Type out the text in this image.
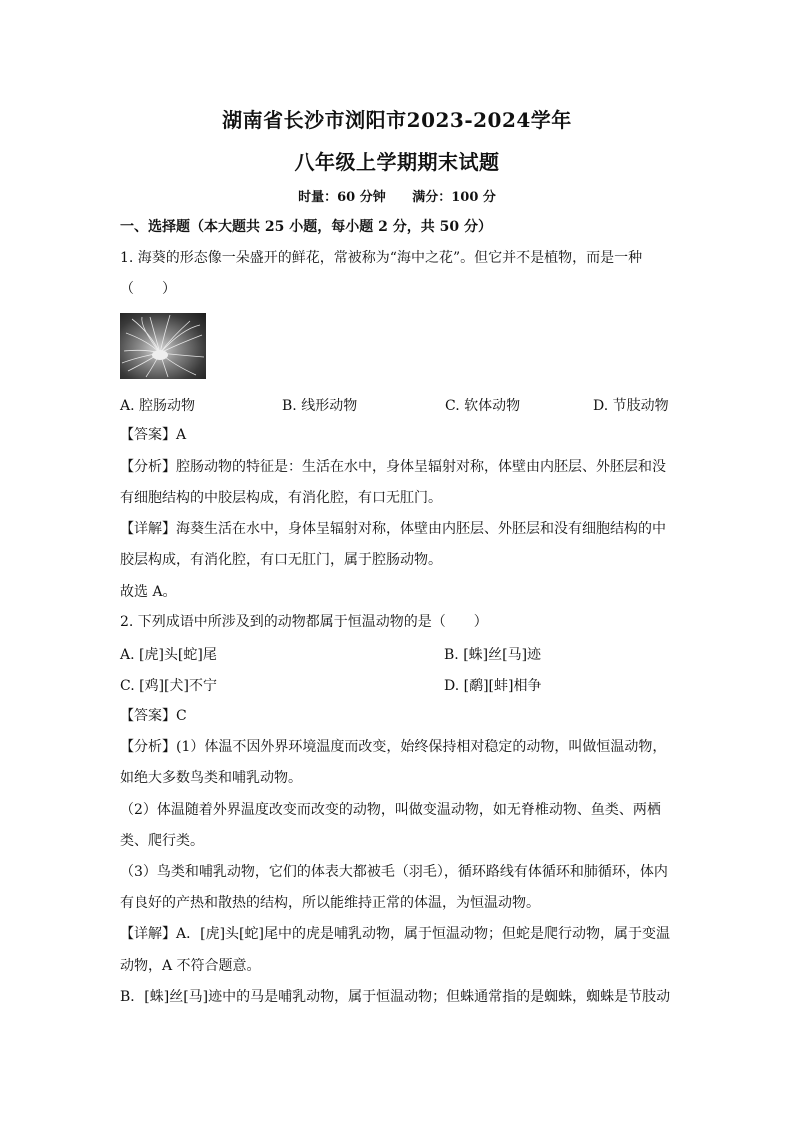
湖南省长沙市浏阳市2023-2024学年
八年级上学期期末试题
时量：60 分钟 满分：100 分
一、选择题（本大题共 25 小题，每小题 2 分，共 50 分）
1. 海葵的形态像一朵盛开的鲜花，常被称为“海中之花”。但它并不是植物，而是一种
（　　）
A. 腔肠动物	B. 线形动物	C. 软体动物	D. 节肢动物
【答案】A
【分析】腔肠动物的特征是：生活在水中，身体呈辐射对称，体壁由内胚层、外胚层和没
有细胞结构的中胶层构成，有消化腔，有口无肛门。
【详解】海葵生活在水中，身体呈辐射对称，体壁由内胚层、外胚层和没有细胞结构的中
胶层构成，有消化腔，有口无肛门，属于腔肠动物。
故选 A。
2. 下列成语中所涉及到的动物都属于恒温动物的是（　　）
A. [虎]头[蛇]尾	B. [蛛]丝[马]迹
C. [鸡][犬]不宁	D. [鹬][蚌]相争
【答案】C
【分析】(1）体温不因外界环境温度而改变，始终保持相对稳定的动物，叫做恒温动物，
如绝大多数鸟类和哺乳动物。
（2）体温随着外界温度改变而改变的动物，叫做变温动物，如无脊椎动物、鱼类、两栖
类、爬行类。
（3）鸟类和哺乳动物，它们的体表大都被毛（羽毛），循环路线有体循环和肺循环，体内
有良好的产热和散热的结构，所以能维持正常的体温，为恒温动物。
【详解】A．[虎]头[蛇]尾中的虎是哺乳动物，属于恒温动物；但蛇是爬行动物，属于变温
动物，A 不符合题意。
B．[蛛]丝[马]迹中的马是哺乳动物，属于恒温动物；但蛛通常指的是蜘蛛，蜘蛛是节肢动
